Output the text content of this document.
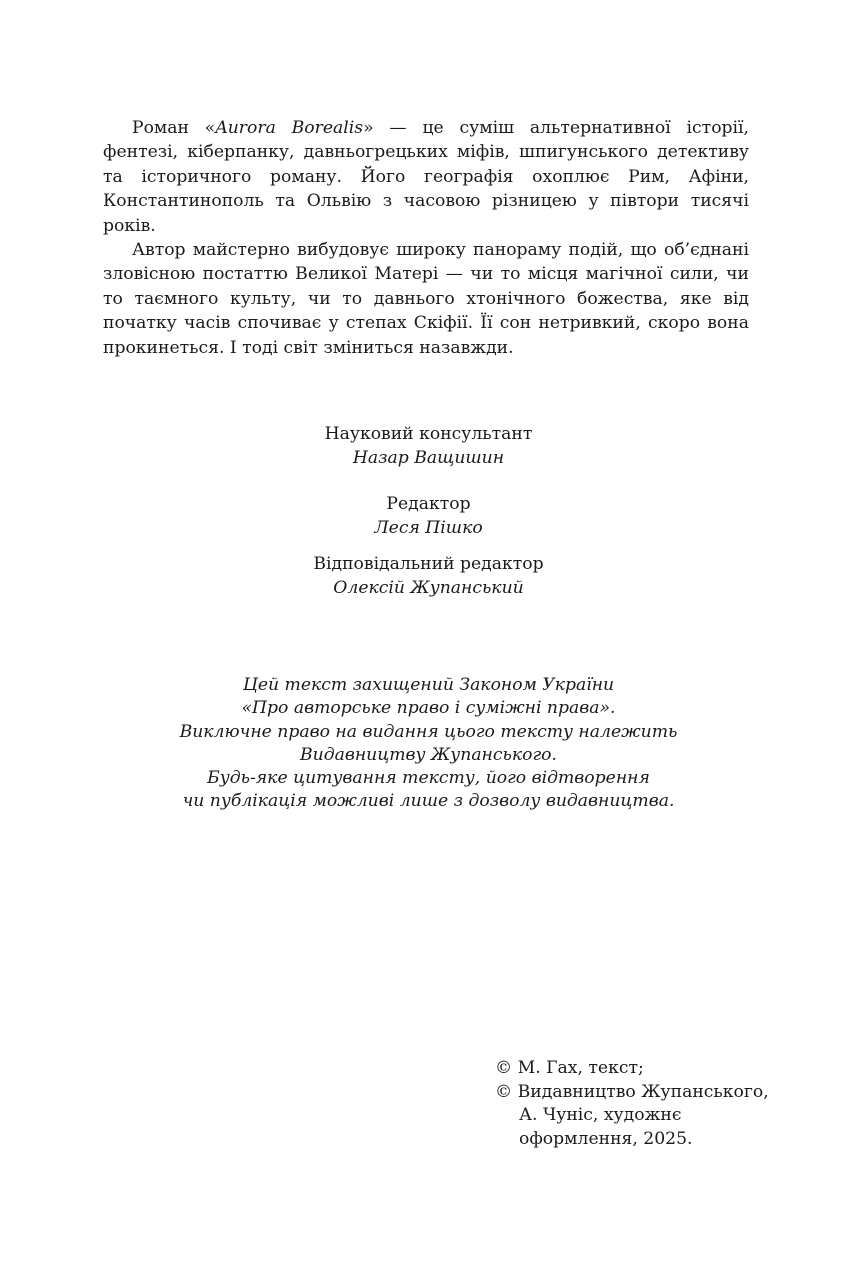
Роман «Aurora Borealis» — це суміш альтернативної історії, фентезі, кіберпанку, давньогрецьких міфів, шпигунського детективу та історичного роману. Його географія охоплює Рим, Афіни, Константинополь та Ольвію з часовою різницею у півтори тисячі років.

Автор майстерно вибудовує широку панораму подій, що об’єднані зловісною постаттю Великої Матері — чи то місця магічної сили, чи то таємного культу, чи то давнього хтонічного божества, яке від початку часів спочиває у степах Скіфії. Її сон нетривкий, скоро вона прокинеться. І тоді світ зміниться назавжди.

Науковий консультант
Назар Ващишин
Редактор
Леся Пішко
Відповідальний редактор
Олексій Жупанський
Цей текст захищений Законом України
«Про авторське право і суміжні права».
Виключне право на видання цього тексту належить
Видавництву Жупанського.
Будь-яке цитування тексту, його відтворення
чи публікація можливі лише з дозволу видавництва.
© М. Гах, текст;
© Видавництво Жупанського,
А. Чуніс, художнє
оформлення, 2025.
